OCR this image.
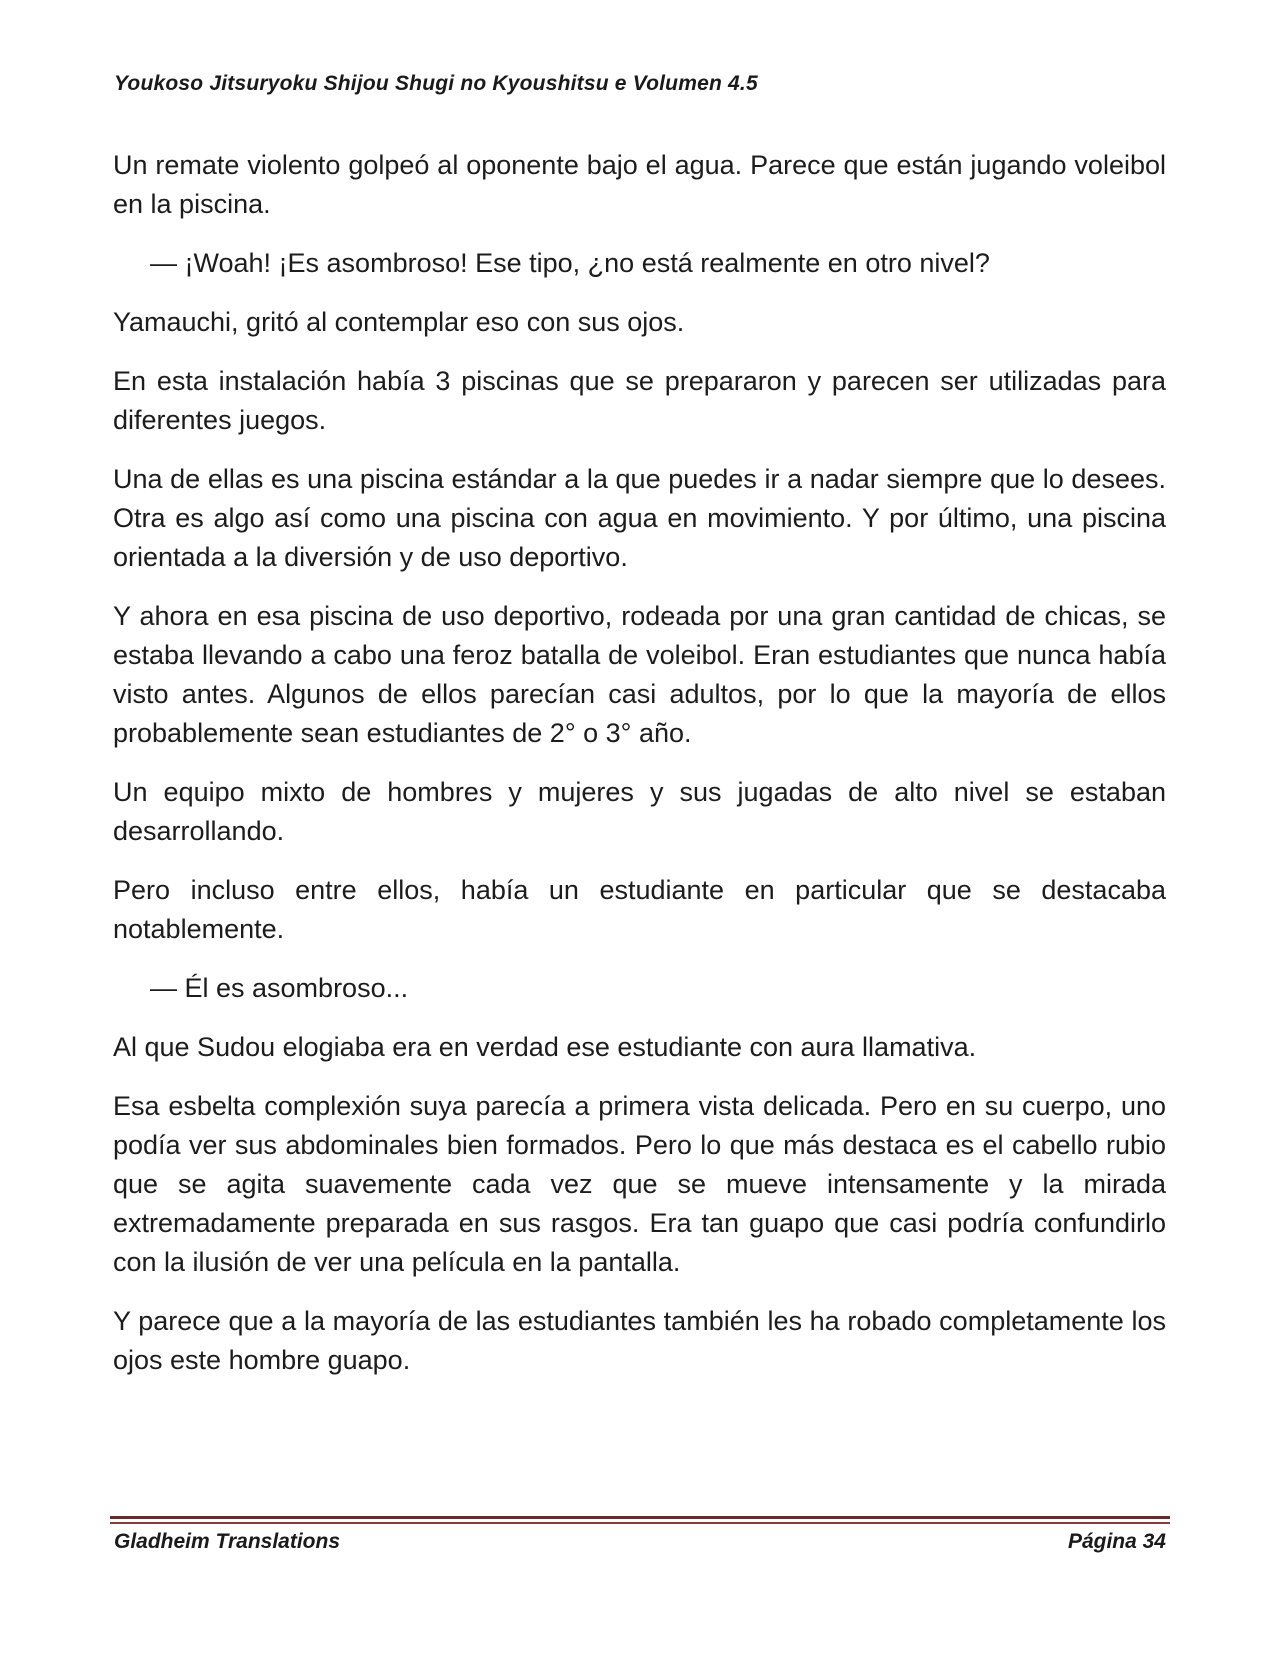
Youkoso Jitsuryoku Shijou Shugi no Kyoushitsu e Volumen 4.5

Un remate violento golpeó al oponente bajo el agua. Parece que están jugando voleibol en la piscina.

— ¡Woah! ¡Es asombroso! Ese tipo, ¿no está realmente en otro nivel?

Yamauchi, gritó al contemplar eso con sus ojos.

En esta instalación había 3 piscinas que se prepararon y parecen ser utilizadas para diferentes juegos.

Una de ellas es una piscina estándar a la que puedes ir a nadar siempre que lo desees. Otra es algo así como una piscina con agua en movimiento. Y por último, una piscina orientada a la diversión y de uso deportivo.

Y ahora en esa piscina de uso deportivo, rodeada por una gran cantidad de chicas, se estaba llevando a cabo una feroz batalla de voleibol. Eran estudiantes que nunca había visto antes. Algunos de ellos parecían casi adultos, por lo que la mayoría de ellos probablemente sean estudiantes de 2° o 3° año.

Un equipo mixto de hombres y mujeres y sus jugadas de alto nivel se estaban desarrollando.

Pero incluso entre ellos, había un estudiante en particular que se destacaba notablemente.

— Él es asombroso...

Al que Sudou elogiaba era en verdad ese estudiante con aura llamativa.

Esa esbelta complexión suya parecía a primera vista delicada. Pero en su cuerpo, uno podía ver sus abdominales bien formados. Pero lo que más destaca es el cabello rubio que se agita suavemente cada vez que se mueve intensamente y la mirada extremadamente preparada en sus rasgos. Era tan guapo que casi podría confundirlo con la ilusión de ver una película en la pantalla.

Y parece que a la mayoría de las estudiantes también les ha robado completamente los ojos este hombre guapo.

Gladheim Translations	Página 34
